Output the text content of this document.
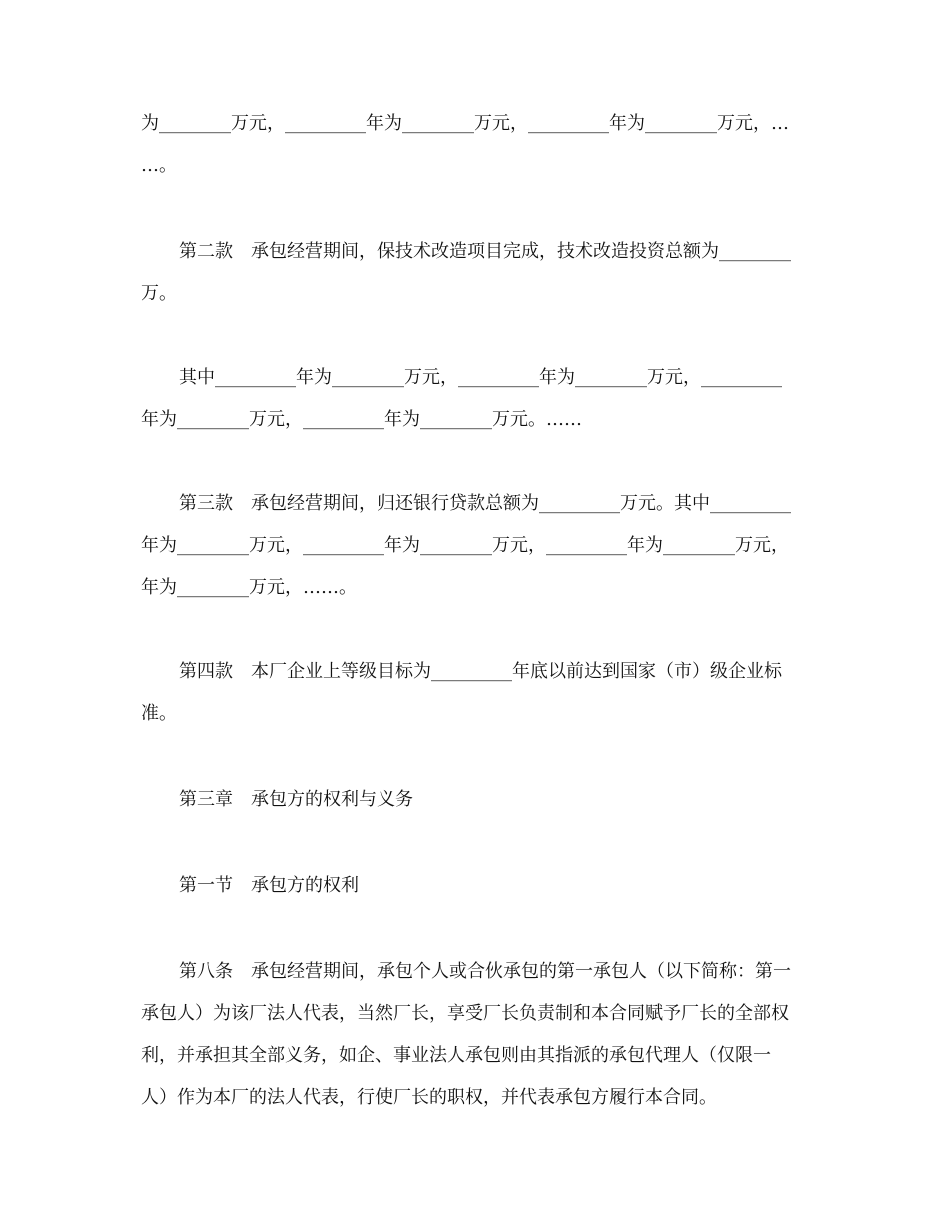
为________万元，_________年为________万元，_________年为________万元，…
…。
第二款　承包经营期间，保技术改造项目完成，技术改造投资总额为________
万。
其中_________年为________万元，_________年为________万元，_________
年为________万元，_________年为________万元。……
第三款　承包经营期间，归还银行贷款总额为_________万元。其中_________
年为________万元，_________年为________万元，_________年为________万元，
年为________万元，……。
第四款　本厂企业上等级目标为_________年底以前达到国家（市）级企业标
准。
第三章　承包方的权利与义务
第一节　承包方的权利
第八条　承包经营期间，承包个人或合伙承包的第一承包人（以下简称：第一
承包人）为该厂法人代表，当然厂长，享受厂长负责制和本合同赋予厂长的全部权
利，并承担其全部义务，如企、事业法人承包则由其指派的承包代理人（仅限一
人）作为本厂的法人代表，行使厂长的职权，并代表承包方履行本合同。
